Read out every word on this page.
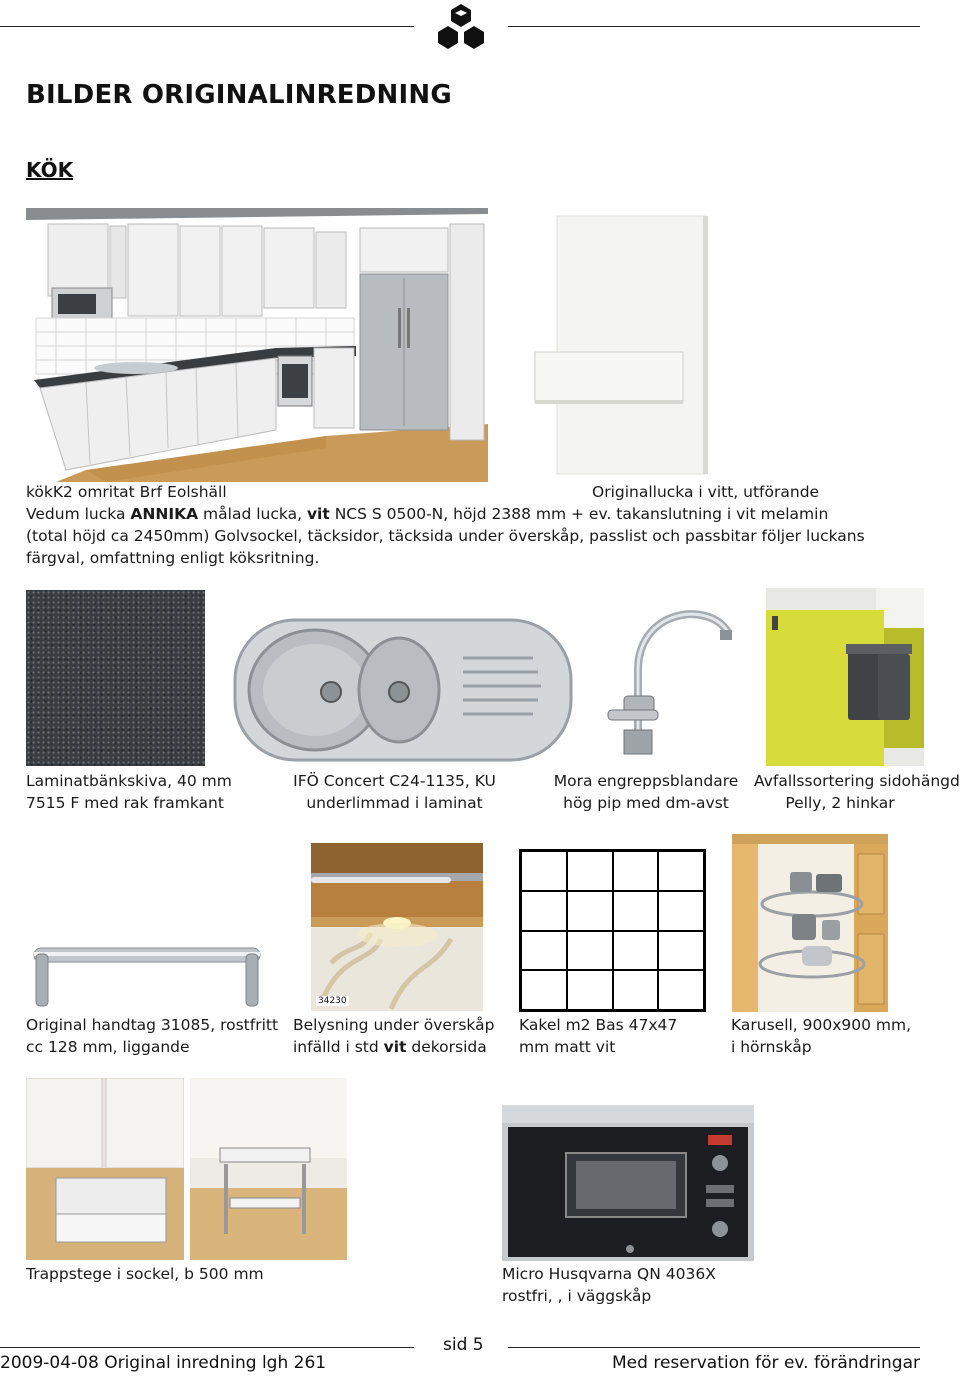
BILDER ORIGINALINREDNING
KÖK
kökK2 omritat Brf Eolshäll	Originallucka i vitt, utförande
Vedum lucka ANNIKA målad lucka, vit NCS S 0500-N, höjd 2388 mm + ev. takanslutning i vit melamin
(total höjd ca 2450mm) Golvsockel, täcksidor, täcksida under överskåp, passlist och passbitar följer luckans
färgval, omfattning enligt köksritning.
Laminatbänkskiva, 40 mm
7515 F med rak framkant
IFÖ Concert C24-1135, KU
underlimmad i laminat
Mora engreppsblandare
hög pip med dm-avst
Avfallssortering sidohängd
Pelly, 2 hinkar
34230
Original handtag 31085, rostfritt
cc 128 mm, liggande
Belysning under överskåp
infälld i std vit dekorsida
Kakel m2 Bas 47x47
mm matt vit
Karusell, 900x900 mm,
i hörnskåp
Trappstege i sockel, b 500 mm	Micro Husqvarna QN 4036X
rostfri, , i väggskåp
sid 5
2009-04-08 Original inredning lgh 261	Med reservation för ev. förändringar
